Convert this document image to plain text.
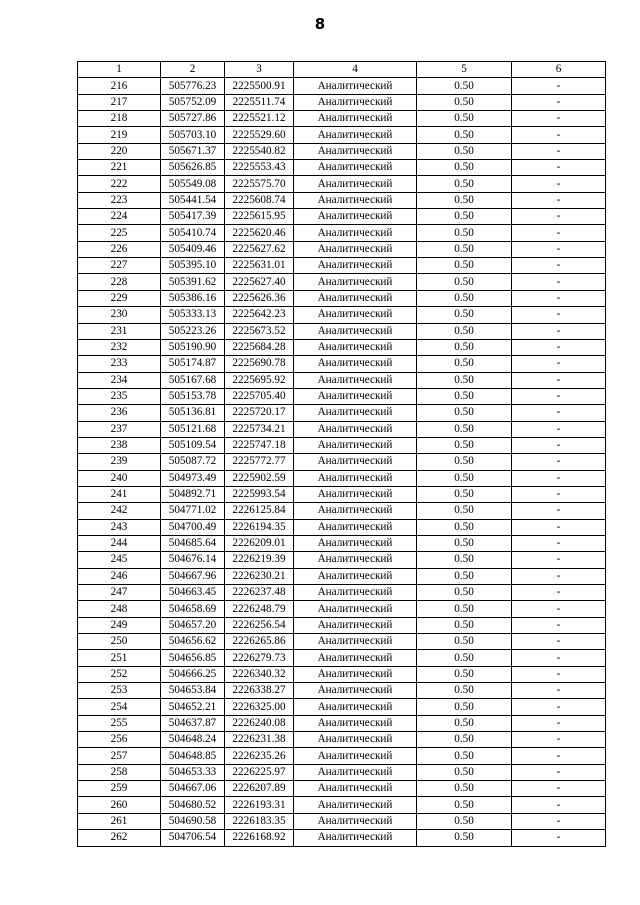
8
1	2	3	4	5	6
216	505776.23	2225500.91	Аналитический	0.50	-
217	505752.09	2225511.74	Аналитический	0.50	-
218	505727.86	2225521.12	Аналитический	0.50	-
219	505703.10	2225529.60	Аналитический	0.50	-
220	505671.37	2225540.82	Аналитический	0.50	-
221	505626.85	2225553.43	Аналитический	0.50	-
222	505549.08	2225575.70	Аналитический	0.50	-
223	505441.54	2225608.74	Аналитический	0.50	-
224	505417.39	2225615.95	Аналитический	0.50	-
225	505410.74	2225620.46	Аналитический	0.50	-
226	505409.46	2225627.62	Аналитический	0.50	-
227	505395.10	2225631.01	Аналитический	0.50	-
228	505391.62	2225627.40	Аналитический	0.50	-
229	505386.16	2225626.36	Аналитический	0.50	-
230	505333.13	2225642.23	Аналитический	0.50	-
231	505223.26	2225673.52	Аналитический	0.50	-
232	505190.90	2225684.28	Аналитический	0.50	-
233	505174.87	2225690.78	Аналитический	0.50	-
234	505167.68	2225695.92	Аналитический	0.50	-
235	505153.78	2225705.40	Аналитический	0.50	-
236	505136.81	2225720.17	Аналитический	0.50	-
237	505121.68	2225734.21	Аналитический	0.50	-
238	505109.54	2225747.18	Аналитический	0.50	-
239	505087.72	2225772.77	Аналитический	0.50	-
240	504973.49	2225902.59	Аналитический	0.50	-
241	504892.71	2225993.54	Аналитический	0.50	-
242	504771.02	2226125.84	Аналитический	0.50	-
243	504700.49	2226194.35	Аналитический	0.50	-
244	504685.64	2226209.01	Аналитический	0.50	-
245	504676.14	2226219.39	Аналитический	0.50	-
246	504667.96	2226230.21	Аналитический	0.50	-
247	504663.45	2226237.48	Аналитический	0.50	-
248	504658.69	2226248.79	Аналитический	0.50	-
249	504657.20	2226256.54	Аналитический	0.50	-
250	504656.62	2226265.86	Аналитический	0.50	-
251	504656.85	2226279.73	Аналитический	0.50	-
252	504666.25	2226340.32	Аналитический	0.50	-
253	504653.84	2226338.27	Аналитический	0.50	-
254	504652.21	2226325.00	Аналитический	0.50	-
255	504637.87	2226240.08	Аналитический	0.50	-
256	504648.24	2226231.38	Аналитический	0.50	-
257	504648.85	2226235.26	Аналитический	0.50	-
258	504653.33	2226225.97	Аналитический	0.50	-
259	504667.06	2226207.89	Аналитический	0.50	-
260	504680.52	2226193.31	Аналитический	0.50	-
261	504690.58	2226183.35	Аналитический	0.50	-
262	504706.54	2226168.92	Аналитический	0.50	-
